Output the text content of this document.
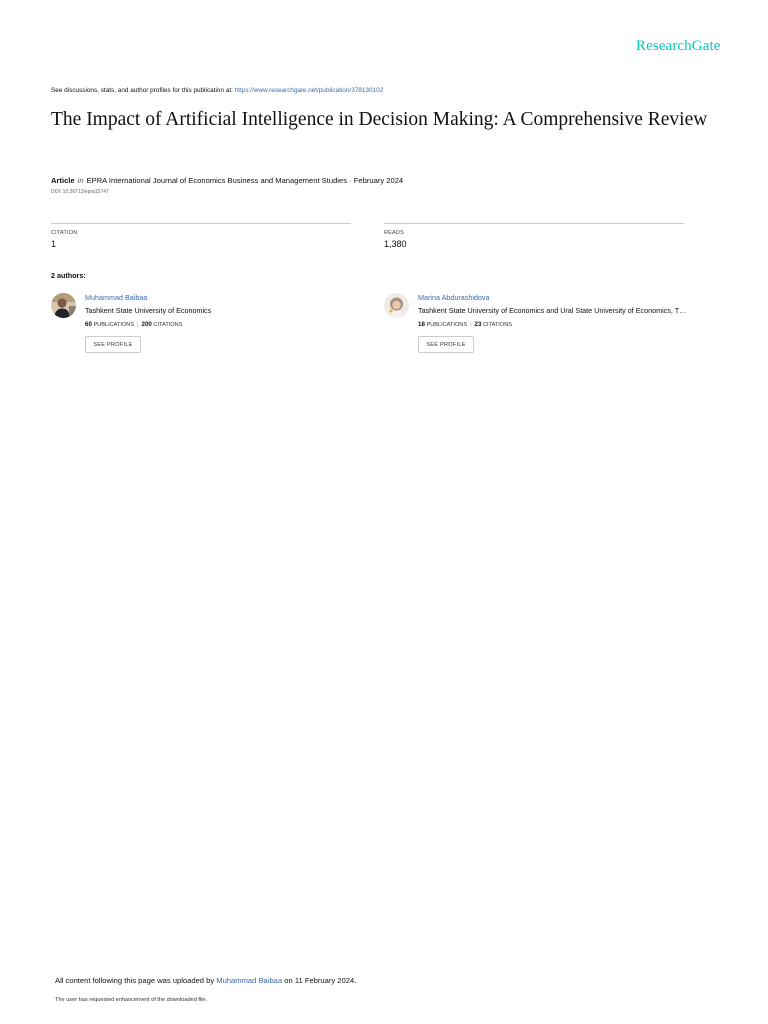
ResearchGate
See discussions, stats, and author profiles for this publication at: https://www.researchgate.net/publication/378130102
The Impact of Artificial Intelligence in Decision Making: A Comprehensive Review
Article in EPRA International Journal of Economics Business and Management Studies · February 2024
DOI: 10.36713/epra15747
CITATION
1
READS
1,380
2 authors:
Muhammad Baibaa
Tashkent State University of Economics
60 PUBLICATIONS | 200 CITATIONS
SEE PROFILE
Marina Abdurashidova
Tashkent State University of Economics and Ural State University of Economics, T…
18 PUBLICATIONS | 23 CITATIONS
SEE PROFILE
All content following this page was uploaded by Muhammad Baibaa on 11 February 2024.
The user has requested enhancement of the downloaded file.
